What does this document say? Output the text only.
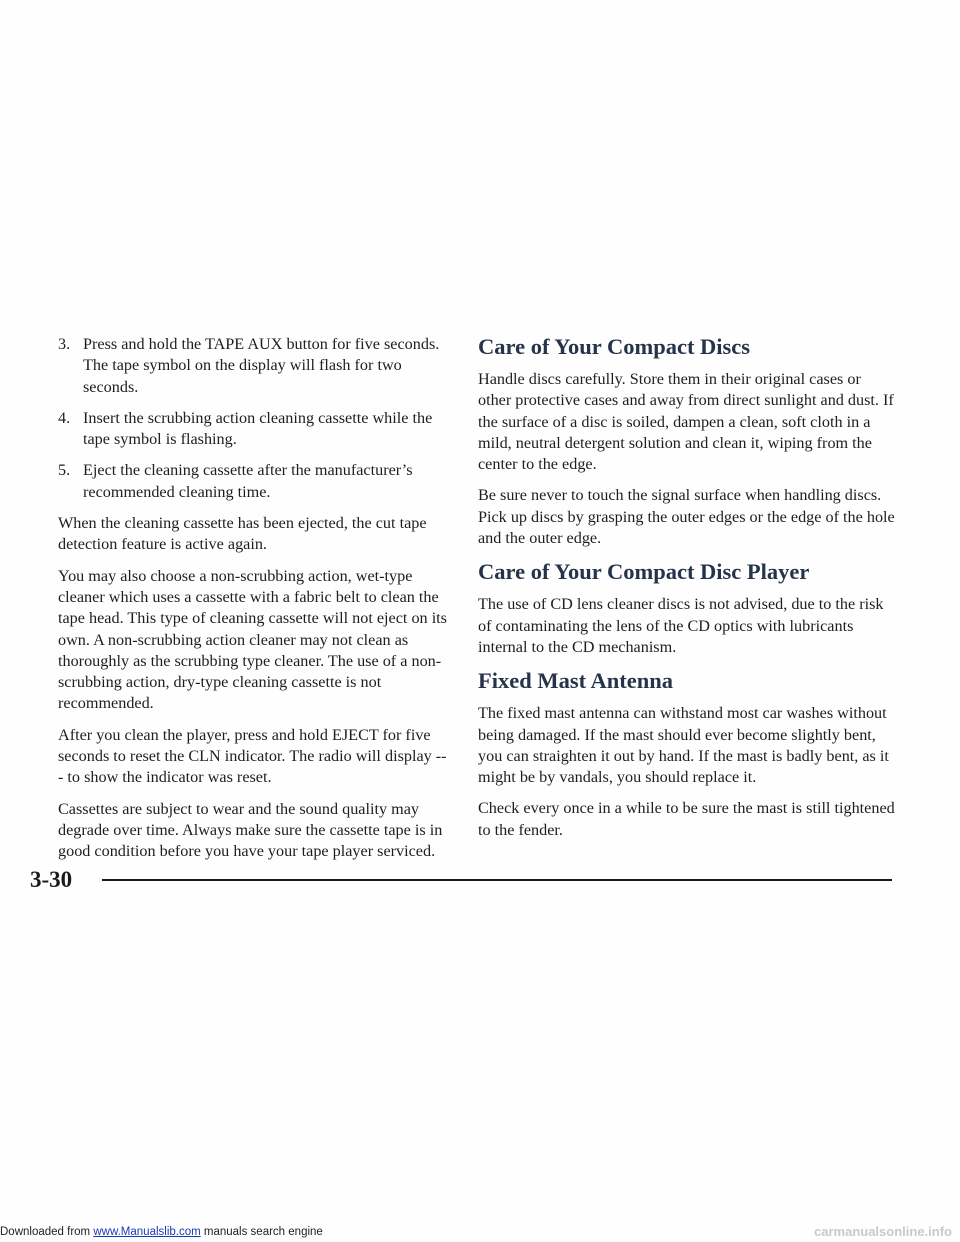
3. Press and hold the TAPE AUX button for five seconds. The tape symbol on the display will flash for two seconds.
4. Insert the scrubbing action cleaning cassette while the tape symbol is flashing.
5. Eject the cleaning cassette after the manufacturer’s recommended cleaning time.

When the cleaning cassette has been ejected, the cut tape detection feature is active again.

You may also choose a non-scrubbing action, wet-type cleaner which uses a cassette with a fabric belt to clean the tape head. This type of cleaning cassette will not eject on its own. A non-scrubbing action cleaner may not clean as thoroughly as the scrubbing type cleaner. The use of a non-scrubbing action, dry-type cleaning cassette is not recommended.

After you clean the player, press and hold EJECT for five seconds to reset the CLN indicator. The radio will display --- to show the indicator was reset.

Cassettes are subject to wear and the sound quality may degrade over time. Always make sure the cassette tape is in good condition before you have your tape player serviced.

Care of Your Compact Discs

Handle discs carefully. Store them in their original cases or other protective cases and away from direct sunlight and dust. If the surface of a disc is soiled, dampen a clean, soft cloth in a mild, neutral detergent solution and clean it, wiping from the center to the edge.

Be sure never to touch the signal surface when handling discs. Pick up discs by grasping the outer edges or the edge of the hole and the outer edge.

Care of Your Compact Disc Player

The use of CD lens cleaner discs is not advised, due to the risk of contaminating the lens of the CD optics with lubricants internal to the CD mechanism.

Fixed Mast Antenna

The fixed mast antenna can withstand most car washes without being damaged. If the mast should ever become slightly bent, you can straighten it out by hand. If the mast is badly bent, as it might be by vandals, you should replace it.

Check every once in a while to be sure the mast is still tightened to the fender.

3-30
Downloaded from www.Manualslib.com manuals search engine	carmanualsonline.info
